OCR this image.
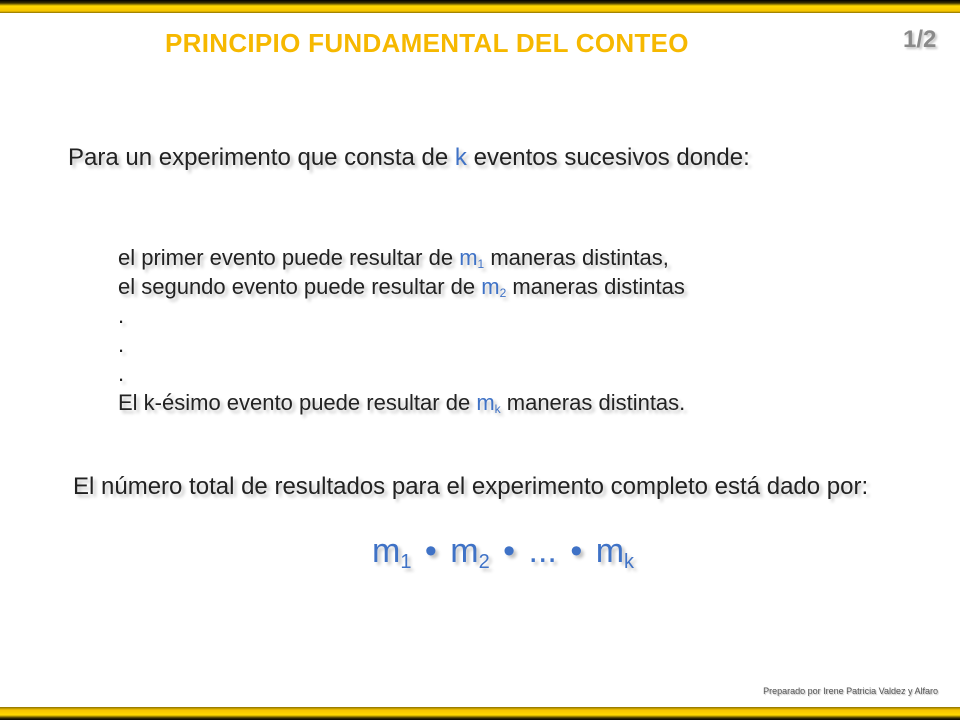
PRINCIPIO FUNDAMENTAL DEL CONTEO	1/2
Para un experimento que consta de k eventos sucesivos donde:
el primer evento puede resultar de $m_1$ maneras distintas,
el segundo evento puede resultar de $m_2$ maneras distintas
.
.
.
El k-ésimo evento puede resultar de $m_k$ maneras distintas.
El número total de resultados para el experimento completo está dado por:
$m_1$ • $m_2$ • ... • $m_k$
Preparado por Irene Patricia Valdez y Alfaro
